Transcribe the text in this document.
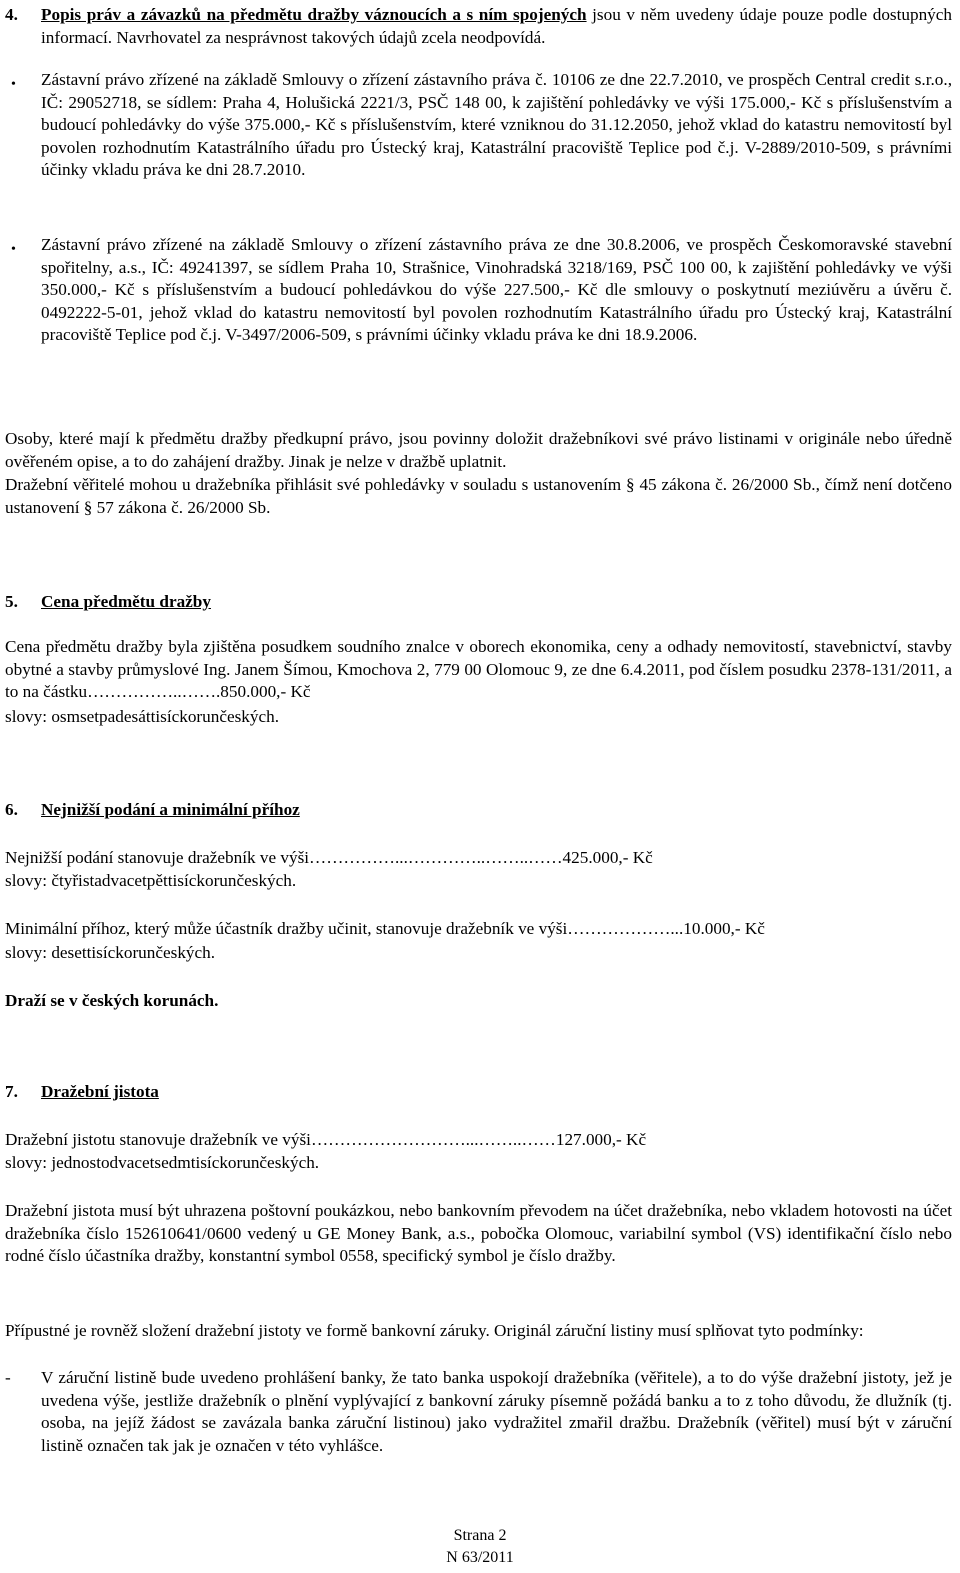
4. Popis práv a závazků na předmětu dražby váznoucích a s ním spojených jsou v něm uvedeny údaje pouze podle dostupných informací. Navrhovatel za nesprávnost takových údajů zcela neodpovídá.

• Zástavní právo zřízené na základě Smlouvy o zřízení zástavního práva č. 10106 ze dne 22.7.2010, ve prospěch Central credit s.r.o., IČ: 29052718, se sídlem: Praha 4, Holušická 2221/3, PSČ 148 00, k zajištění pohledávky ve výši 175.000,- Kč s příslušenstvím a budoucí pohledávky do výše 375.000,- Kč s příslušenstvím, které vzniknou do 31.12.2050, jehož vklad do katastru nemovitostí byl povolen rozhodnutím Katastrálního úřadu pro Ústecký kraj, Katastrální pracoviště Teplice pod č.j. V-2889/2010-509, s právními účinky vkladu práva ke dni 28.7.2010.

• Zástavní právo zřízené na základě Smlouvy o zřízení zástavního práva ze dne 30.8.2006, ve prospěch Českomoravské stavební spořitelny, a.s., IČ: 49241397, se sídlem Praha 10, Strašnice, Vinohradská 3218/169, PSČ 100 00, k zajištění pohledávky ve výši 350.000,- Kč s příslušenstvím a budoucí pohledávkou do výše 227.500,- Kč dle smlouvy o poskytnutí meziúvěru a úvěru č. 0492222-5-01, jehož vklad do katastru nemovitostí byl povolen rozhodnutím Katastrálního úřadu pro Ústecký kraj, Katastrální pracoviště Teplice pod č.j. V-3497/2006-509, s právními účinky vkladu práva ke dni 18.9.2006.

Osoby, které mají k předmětu dražby předkupní právo, jsou povinny doložit dražebníkovi své právo listinami v originále nebo úředně ověřeném opise, a to do zahájení dražby. Jinak je nelze v dražbě uplatnit.

Dražební věřitelé mohou u dražebníka přihlásit své pohledávky v souladu s ustanovením § 45 zákona č. 26/2000 Sb., čímž není dotčeno ustanovení § 57 zákona č. 26/2000 Sb.

5. Cena předmětu dražby

Cena předmětu dražby byla zjištěna posudkem soudního znalce v oborech ekonomika, ceny a odhady nemovitostí, stavebnictví, stavby obytné a stavby průmyslové Ing. Janem Šímou, Kmochova 2, 779 00 Olomouc 9, ze dne 6.4.2011, pod číslem posudku 2378-131/2011, a to na částku……………..…….850.000,- Kč

slovy: osmsetpadesáttisíckorunčeských.

6. Nejnižší podání a minimální příhoz

Nejnižší podání stanovuje dražebník ve výši……………...…………..……..……425.000,- Kč

slovy: čtyřistadvacetpěttisíckorunčeských.

Minimální příhoz, který může účastník dražby učinit, stanovuje dražebník ve výši………………...10.000,- Kč

slovy: desettisíckorunčeských.

Draží se v českých korunách.

7. Dražební jistota

Dražební jistotu stanovuje dražebník ve výši………………………...……..……127.000,- Kč

slovy: jednostodvacetsedmtisíckorunčeských.

Dražební jistota musí být uhrazena poštovní poukázkou, nebo bankovním převodem na účet dražebníka, nebo vkladem hotovosti na účet dražebníka číslo 152610641/0600 vedený u GE Money Bank, a.s., pobočka Olomouc, variabilní symbol (VS) identifikační číslo nebo rodné číslo účastníka dražby, konstantní symbol 0558, specifický symbol je číslo dražby.

Přípustné je rovněž složení dražební jistoty ve formě bankovní záruky. Originál záruční listiny musí splňovat tyto podmínky:

- V záruční listině bude uvedeno prohlášení banky, že tato banka uspokojí dražebníka (věřitele), a to do výše dražební jistoty, jež je uvedena výše, jestliže dražebník o plnění vyplývající z bankovní záruky písemně požádá banku a to z toho důvodu, že dlužník (tj. osoba, na jejíž žádost se zavázala banka záruční listinou) jako vydražitel zmařil dražbu. Dražebník (věřitel) musí být v záruční listině označen tak jak je označen v této vyhlášce.

Strana 2
N 63/2011
